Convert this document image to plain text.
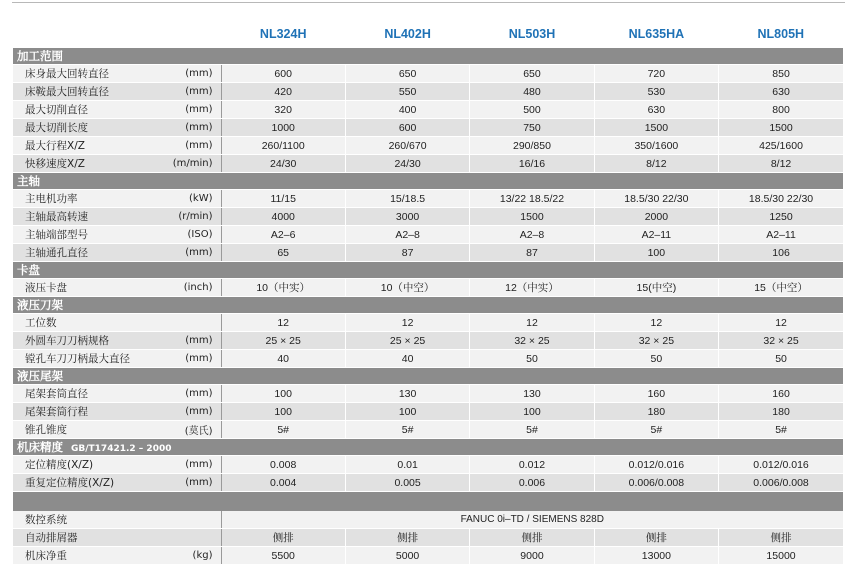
		NL324H	NL402H	NL503H	NL635HA	NL805H
加工范围						
床身最大回转直径	(mm)	600	650	650	720	850
床鞍最大回转直径	(mm)	420	550	480	530	630
最大切削直径	(mm)	320	400	500	630	800
最大切削长度	(mm)	1000	600	750	1500	1500
最大行程X/Z	(mm)	260/1100	260/670	290/850	350/1600	425/1600
快移速度X/Z	(m/min)	24/30	24/30	16/16	8/12	8/12
主轴						
主电机功率	(kW)	11/15	15/18.5	13/22 18.5/22	18.5/30 22/30	18.5/30 22/30
主轴最高转速	(r/min)	4000	3000	1500	2000	1250
主轴端部型号	(ISO)	A2–6	A2–8	A2–8	A2–11	A2–11
主轴通孔直径	(mm)	65	87	87	100	106
卡盘						
液压卡盘	(inch)	10（中实）	10（中空）	12（中实）	15(中空)	15（中空）
液压刀架						
工位数		12	12	12	12	12
外圆车刀刀柄规格	(mm)	25 × 25	25 × 25	32 × 25	32 × 25	32 × 25
镗孔车刀刀柄最大直径	(mm)	40	40	50	50	50
液压尾架						
尾架套筒直径	(mm)	100	130	130	160	160
尾架套筒行程	(mm)	100	100	100	180	180
锥孔锥度	(莫氏)	5#	5#	5#	5#	5#
机床精度 GB/T17421.2 – 2000						
定位精度(X/Z)	(mm)	0.008	0.01	0.012	0.012/0.016	0.012/0.016
重复定位精度(X/Z)	(mm)	0.004	0.005	0.006	0.006/0.008	0.006/0.008

数控系统		FANUC 0i–TD / SIEMENS 828D				
自动排屑器		侧排	侧排	侧排	侧排	侧排
机床净重	(kg)	5500	5000	9000	13000	15000
